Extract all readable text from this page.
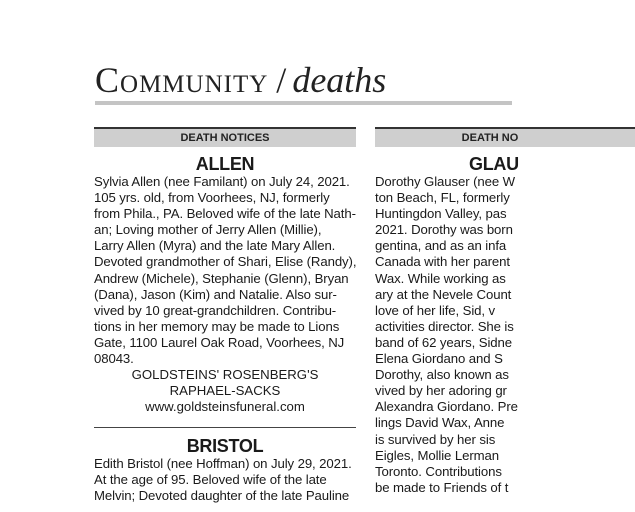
Community / deaths
DEATH NOTICES
ALLEN
Sylvia Allen (nee Familant) on July 24, 2021.
105 yrs. old, from Voorhees, NJ, formerly
from Phila., PA. Beloved wife of the late Nath-
an; Loving mother of Jerry Allen (Millie),
Larry Allen (Myra) and the late Mary Allen.
Devoted grandmother of Shari, Elise (Randy),
Andrew (Michele), Stephanie (Glenn), Bryan
(Dana), Jason (Kim) and Natalie. Also sur-
vived by 10 great-grandchildren. Contribu-
tions in her memory may be made to Lions
Gate, 1100 Laurel Oak Road, Voorhees, NJ
08043.
GOLDSTEINS' ROSENBERG'S
RAPHAEL-SACKS
www.goldsteinsfuneral.com
BRISTOL
Edith Bristol (nee Hoffman) on July 29, 2021.
At the age of 95. Beloved wife of the late
Melvin; Devoted daughter of the late Pauline
DEATH NO
GLAU
Dorothy Glauser (nee W
ton Beach, FL, formerly
Huntingdon Valley, pas
2021. Dorothy was born
gentina, and as an infa
Canada with her parent
Wax. While working as
ary at the Nevele Count
love of her life, Sid, v
activities director. She is
band of 62 years, Sidne
Elena Giordano and S
Dorothy, also known as
vived by her adoring gr
Alexandra Giordano. Pre
lings David Wax, Anne
is survived by her sis
Eigles, Mollie Lerman
Toronto. Contributions
be made to Friends of t
